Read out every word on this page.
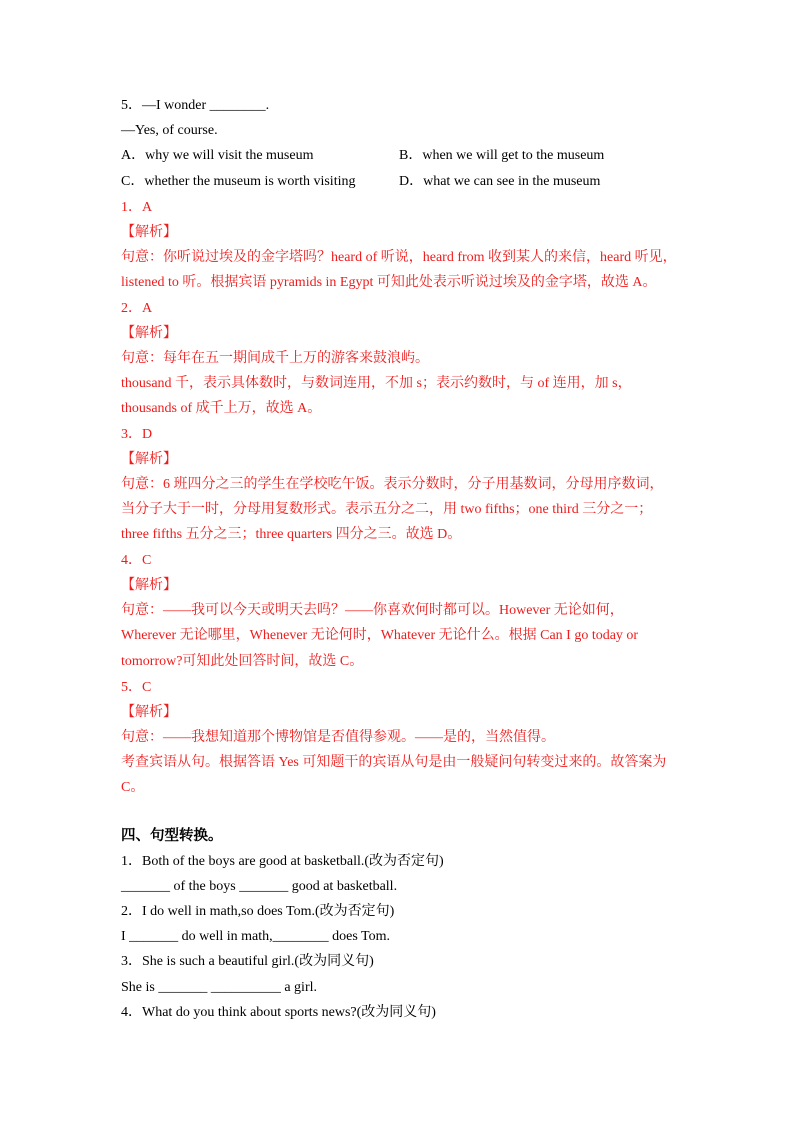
5．—I wonder ________.
—Yes, of course.
A．why we will visit the museum	B．when we will get to the museum
C．whether the museum is worth visiting	D．what we can see in the museum
1．A
【解析】
句意：你听说过埃及的金字塔吗？heard of 听说，heard from 收到某人的来信，heard 听见，
listened to 听。根据宾语 pyramids in Egypt 可知此处表示听说过埃及的金字塔，故选 A。
2．A
【解析】
句意：每年在五一期间成千上万的游客来鼓浪屿。
thousand 千，表示具体数时，与数词连用，不加 s；表示约数时，与 of 连用，加 s，
thousands of 成千上万，故选 A。
3．D
【解析】
句意：6 班四分之三的学生在学校吃午饭。表示分数时，分子用基数词，分母用序数词，
当分子大于一时，分母用复数形式。表示五分之二，用 two fifths；one third 三分之一；
three fifths 五分之三；three quarters 四分之三。故选 D。
4．C
【解析】
句意：——我可以今天或明天去吗？——你喜欢何时都可以。However 无论如何，
Wherever 无论哪里，Whenever 无论何时，Whatever 无论什么。根据 Can I go today or
tomorrow?可知此处回答时间，故选 C。
5．C
【解析】
句意：——我想知道那个博物馆是否值得参观。——是的，当然值得。
考查宾语从句。根据答语 Yes 可知题干的宾语从句是由一般疑问句转变过来的。故答案为
C。
四、句型转换。
1．Both of the boys are good at basketball.(改为否定句)
_______ of the boys _______ good at basketball.
2．I do well in math,so does Tom.(改为否定句)
I _______ do well in math,________ does Tom.
3．She is such a beautiful girl.(改为同义句)
She is _______ __________ a girl.
4．What do you think about sports news?(改为同义句)
